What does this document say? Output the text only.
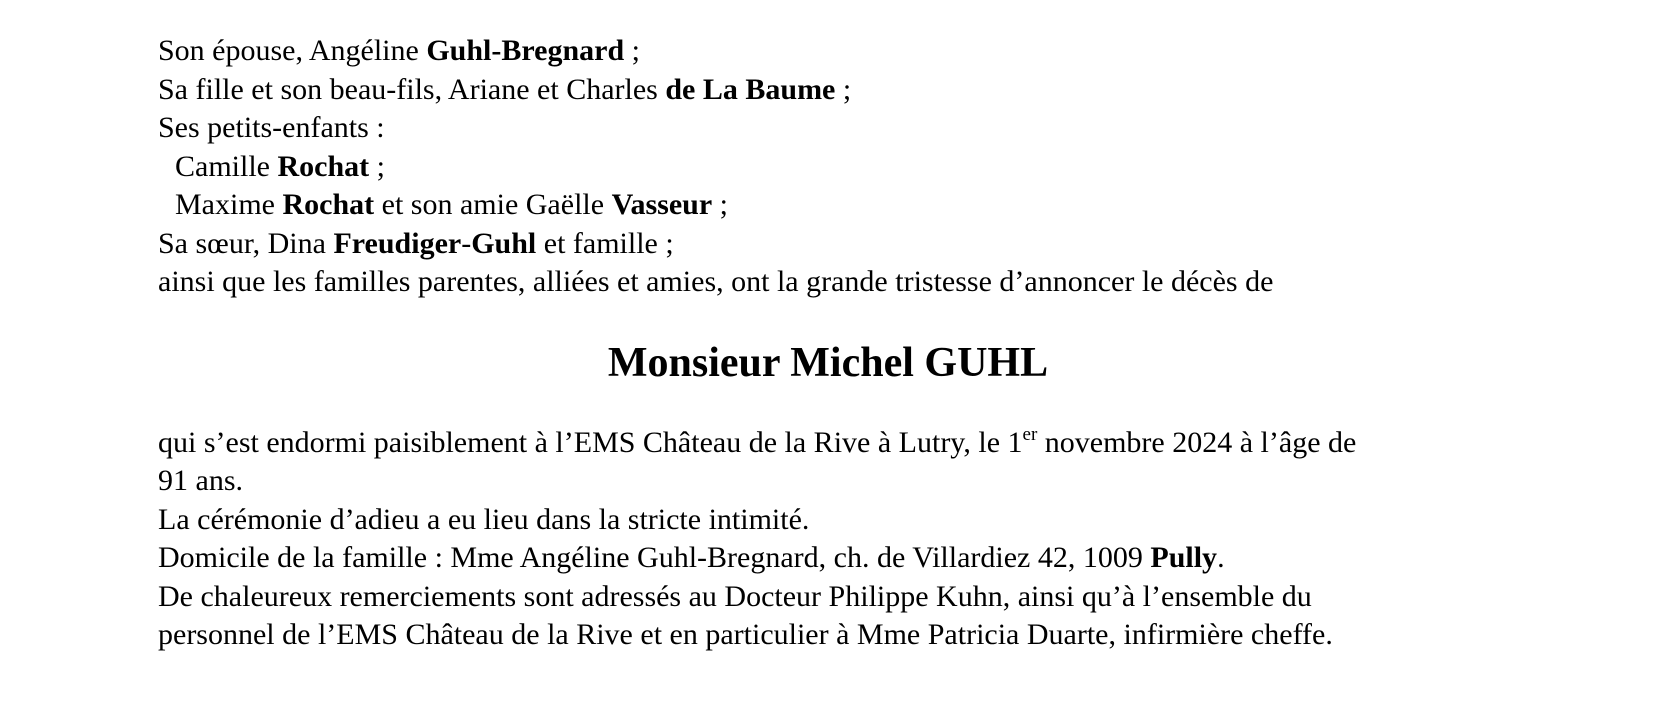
Son épouse, Angéline Guhl-Bregnard ;
Sa fille et son beau-fils, Ariane et Charles de La Baume ;
Ses petits-enfants :
Camille Rochat ;
Maxime Rochat et son amie Gaëlle Vasseur ;
Sa sœur, Dina Freudiger-Guhl et famille ;
ainsi que les familles parentes, alliées et amies, ont la grande tristesse d’annoncer le décès de
Monsieur Michel GUHL
qui s’est endormi paisiblement à l’EMS Château de la Rive à Lutry, le 1er novembre 2024 à l’âge de
91 ans.
La cérémonie d’adieu a eu lieu dans la stricte intimité.
Domicile de la famille : Mme Angéline Guhl-Bregnard, ch. de Villardiez 42, 1009 Pully.
De chaleureux remerciements sont adressés au Docteur Philippe Kuhn, ainsi qu’à l’ensemble du
personnel de l’EMS Château de la Rive et en particulier à Mme Patricia Duarte, infirmière cheffe.
